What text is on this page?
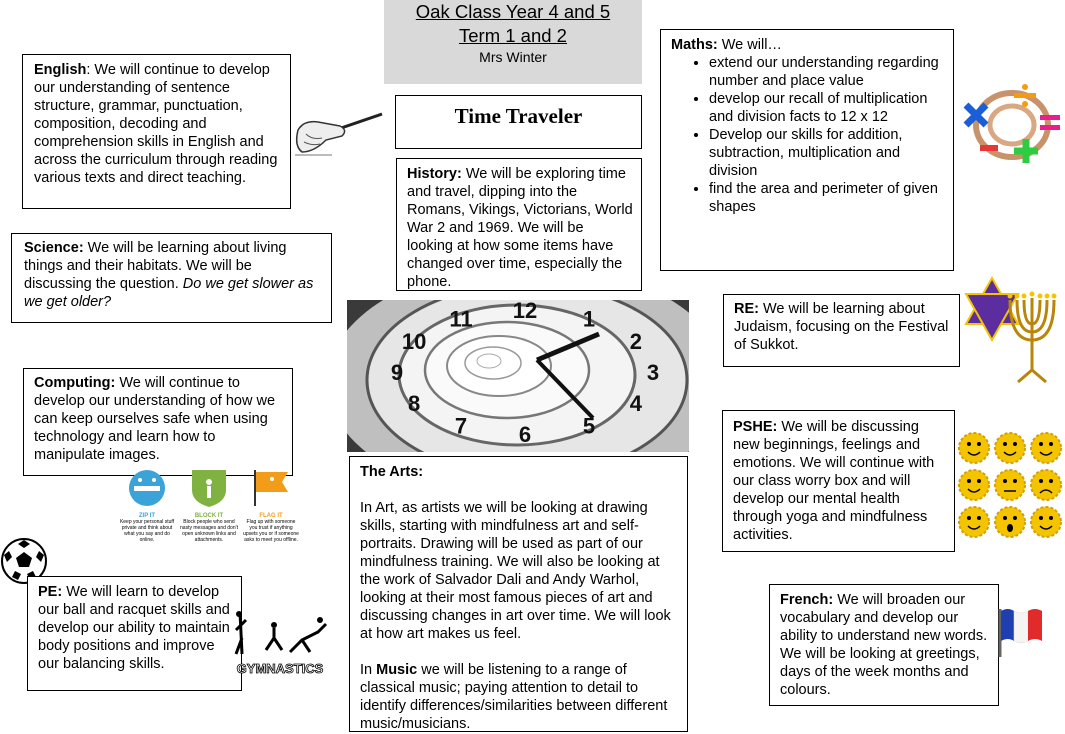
Oak Class Year 4 and 5
Term 1 and 2
Mrs Winter
Time Traveler

English: We will continue to develop our understanding of sentence structure, grammar, punctuation, composition, decoding and comprehension skills in English and across the curriculum through reading various texts and direct teaching.

Science: We will be learning about living things and their habitats. We will be discussing the question. Do we get slower as we get older?

Computing: We will continue to develop our understanding of how we can keep ourselves safe when using technology and learn how to manipulate images.

ZIP IT
Keep your personal stuff private and think about what you say and do online.
BLOCK IT
Block people who send nasty messages and don't open unknown links and attachments.
FLAG IT
Flag up with someone you trust if anything upsets you or if someone asks to meet you offline.

PE: We will learn to develop our ball and racquet skills and develop our ability to maintain body positions and improve our balancing skills.	GYMNASTICS

History: We will be exploring time and travel, dipping into the Romans, Vikings, Victorians, World War 2 and 1969. We will be looking at how some items have changed over time, especially the phone.

12 1
2
3
4
5
6
7
8
9
10
11

Maths: We will…

• extend our understanding regarding number and place value
• develop our recall of multiplication and division facts to 12 x 12
• Develop our skills for addition, subtraction, multiplication and division
• find the area and perimeter of given shapes

RE: We will be learning about Judaism, focusing on the Festival of Sukkot.

PSHE: We will be discussing new beginnings, feelings and emotions. We will continue with our class worry box and will develop our mental health through yoga and mindfulness activities.

The Arts:

In Art, as artists we will be looking at drawing skills, starting with mindfulness art and self-portraits. Drawing will be used as part of our mindfulness training. We will also be looking at the work of Salvador Dali and Andy Warhol, looking at their most famous pieces of art and discussing changes in art over time. We will look at how art makes us feel.

In Music we will be listening to a range of classical music; paying attention to detail to identify differences/similarities between different music/musicians.

French: We will broaden our vocabulary and develop our ability to understand new words. We will be looking at greetings, days of the week months and colours.
